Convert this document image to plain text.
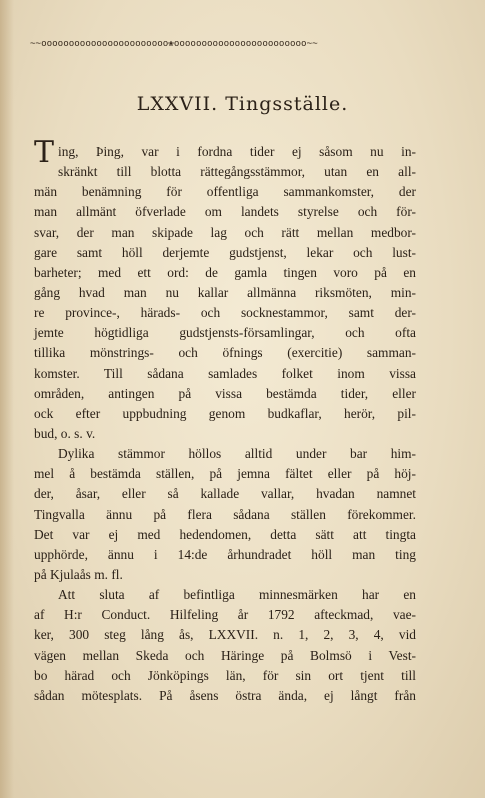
~~ooooooooooooooooooooooo❀oooooooooooooooooooooooo~~
LXXVII. Tingsställe.
Ting, Þing, var i fordna tider ej såsom nu in-
skränkt till blotta rättegångsstämmor, utan en all-
män benämning för offentliga sammankomster, der
man allmänt öfverlade om landets styrelse och för-
svar, der man skipade lag och rätt mellan medbor-
gare samt höll derjemte gudstjenst, lekar och lust-
barheter; med ett ord: de gamla tingen voro på en
gång hvad man nu kallar allmänna riksmöten, min-
re province-, härads- och socknestammor, samt der-
jemte högtidliga gudstjensts-församlingar, och ofta
tillika mönstrings- och öfnings (exercitie) samman-
komster. Till sådana samlades folket inom vissa
områden, antingen på vissa bestämda tider, eller
ock efter uppbudning genom budkaflar, herör, pil-
bud, o. s. v.
Dylika stämmor höllos alltid under bar him-
mel å bestämda ställen, på jemna fältet eller på höj-
der, åsar, eller så kallade vallar, hvadan namnet
Tingvalla ännu på flera sådana ställen förekommer.
Det var ej med hedendomen, detta sätt att tingta
upphörde, ännu i 14:de århundradet höll man ting
på Kjulaås m. fl.
Att sluta af befintliga minnesmärken har en
af H:r Conduct. Hilfeling år 1792 afteckmad, vae-
ker, 300 steg lång ås, LXXVII. n. 1, 2, 3, 4, vid
vägen mellan Skeda och Häringe på Bolmsö i Vest-
bo härad och Jönköpings län, för sin ort tjent till
sådan mötesplats. På åsens östra ända, ej långt från
